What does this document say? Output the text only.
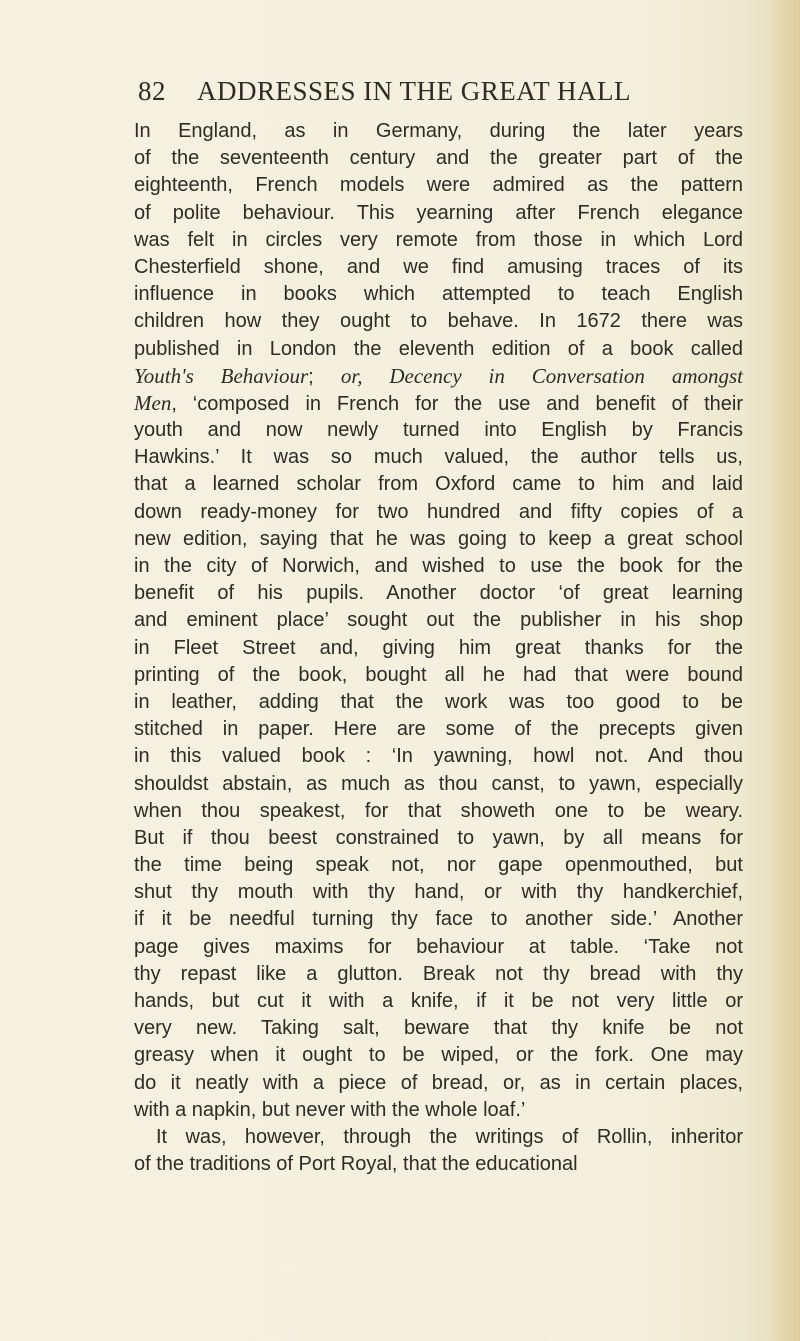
82 ADDRESSES IN THE GREAT HALL
In England, as in Germany, during the later years
of the seventeenth century and the greater part of the
eighteenth, French models were admired as the pattern
of polite behaviour. This yearning after French elegance
was felt in circles very remote from those in which Lord
Chesterfield shone, and we find amusing traces of its
influence in books which attempted to teach English
children how they ought to behave. In 1672 there was
published in London the eleventh edition of a book called
Youth's Behaviour; or, Decency in Conversation amongst
Men, ‘composed in French for the use and benefit of their
youth and now newly turned into English by Francis
Hawkins.’ It was so much valued, the author tells us,
that a learned scholar from Oxford came to him and laid
down ready-money for two hundred and fifty copies of a
new edition, saying that he was going to keep a great school
in the city of Norwich, and wished to use the book for the
benefit of his pupils. Another doctor ‘of great learning
and eminent place’ sought out the publisher in his shop
in Fleet Street and, giving him great thanks for the
printing of the book, bought all he had that were bound
in leather, adding that the work was too good to be
stitched in paper. Here are some of the precepts given
in this valued book : ‘In yawning, howl not. And thou
shouldst abstain, as much as thou canst, to yawn, especially
when thou speakest, for that showeth one to be weary.
But if thou beest constrained to yawn, by all means for
the time being speak not, nor gape openmouthed, but
shut thy mouth with thy hand, or with thy handkerchief,
if it be needful turning thy face to another side.’ Another
page gives maxims for behaviour at table. ‘Take not
thy repast like a glutton. Break not thy bread with thy
hands, but cut it with a knife, if it be not very little or
very new. Taking salt, beware that thy knife be not
greasy when it ought to be wiped, or the fork. One may
do it neatly with a piece of bread, or, as in certain places,
with a napkin, but never with the whole loaf.’
It was, however, through the writings of Rollin, inheritor
of the traditions of Port Royal, that the educational
